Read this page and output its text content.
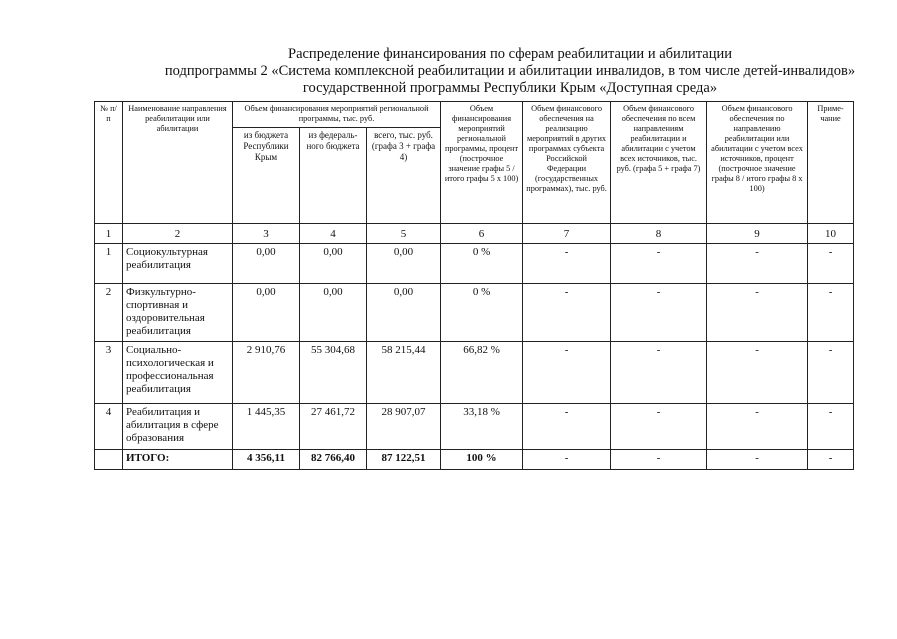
Распределение финансирования по сферам реабилитации и абилитации
подпрограммы 2 «Система комплексной реабилитации и абилитации инвалидов, в том числе детей-инвалидов»
государственной программы Республики Крым «Доступная среда»
№ п/п	Наименование направления реабилитации или абилитации	Объем финансирования мероприятий региональной программы, тыс. руб.			Объем финансирования мероприятий региональной программы, процент (построчное значение графы 5 / итого графы 5 х 100)	Объем финансового обеспечения на реализацию мероприятий в других программах субъекта Российской Федерации (государственных программах), тыс. руб.	Объем финансового обеспечения по всем направлениям реабилитации и абилитации с учетом всех источников, тыс. руб. (графа 5 + графа 7)	Объем финансового обеспечения по направлению реабилитации или абилитации с учетом всех источников, процент (построчное значение графы 8 / итого графы 8 х 100)	Приме-чание
		из бюджета Республики Крым	из федераль-ного бюджета	всего, тыс. руб. (графа 3 + графа 4)					
1	2	3	4	5	6	7	8	9	10
1	Социокультурная реабилитация	0,00	0,00	0,00	0 %	-	-	-	-
2	Физкультурно-спортивная и оздоровительная реабилитация	0,00	0,00	0,00	0 %	-	-	-	-
3	Социально-психологическая и профессиональная реабилитация	2 910,76	55 304,68	58 215,44	66,82 %	-	-	-	-
4	Реабилитация и абилитация в сфере образования	1 445,35	27 461,72	28 907,07	33,18 %	-	-	-	-
	ИТОГО:	4 356,11	82 766,40	87 122,51	100 %	-	-	-	-
